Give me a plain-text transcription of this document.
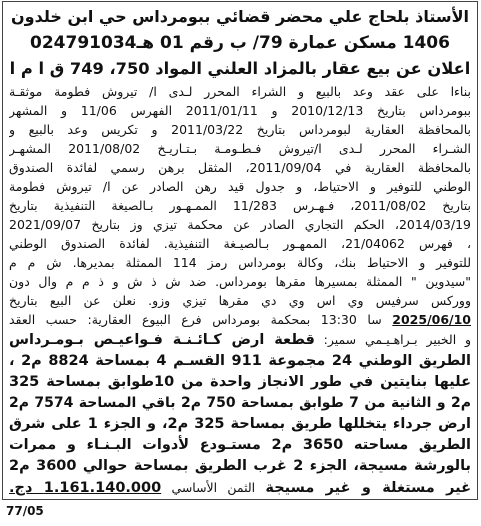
الأستاذ بلحاج علي محضر قضائي ببومرداس حي ابن خلدون
1406 مسكن عمارة 79/ ب رقم 01 هـ024791034
اعلان عن بيع عقار بالمزاد العلني المواد 750، 749 ق ا م ا
بناءا على عقد وعد بالبيع و الشراء المحرر لـدى ا/ تيروش فطومة موثقـة
ببومرداس بتاريخ 2010/12/13 و 2011/01/11 الفهرس 11/06 و المشهر
بالمحافظة العقارية لبومرداس بتاريخ 2011/03/22 و تكريس وعد بالبيع و
الشـراء المحرر لـدى ا/تيروش فـطـومـة بـتـاريـخ 2011/08/02 المشهـر
بالمحافظة العقارية في 2011/09/04، المثقل برهن رسمي لفائدة الصندوق
الوطني للتوفير و الاحتياط، و جدول قيد رهن الصادر عن ا/ تيروش فطومة
بتاريخ 2011/08/02، فـهـرس 11/283 الممـهـور بـالصيغة التنفيذية بتاريخ
2014/03/19، الحكم التجاري الصادر عن محكمة تيزي وز بتاريخ 2021/09/07
، فهرس 21/04062، الممهـور بـالصيـغة التنفيذية. لفائدة الصندوق الوطني
للتوفير و الاحتياط بنك، وكالة بومرداس رمز 114 الممثلة بمديرها. ش م م
"سيدوين " الممثلة بمسيرها مقرها بومرداس. ضد ش ذ ش و ذ م م وال دون
ووركس سرفيس وي اس وي دي مقرها تيزي وزو. نعلن عن البيع بتاريخ
2025/06/10 سا 13:30 بمحكمة بومرداس فرع البيوع العقارية: حسب العقد
و الخبير بـراهـيـمي سمير: قطعة ارض كـائـنـة فـواعيـص بـومـرداس
الطريق الوطني 24 مجموعة 911 القسـم 4 بمساحة 8824 م2 ،
عليها بنايتين في طور الانجاز واحدة من 10طوابق بمساحة 325
م2 و الثانية من 7 طوابق بمساحة 750 م2 باقي المساحة 7574 م2
ارض جرداء يتخللها طريق بمساحة 325 م2، و الجزء 1 على شرق
الطريق مساحته 3650 م2 مستـودع لأدوات البـنـاء و ممرات
بالورشة مسيجة، الجزء 2 غرب الطريق بمساحة حوالي 3600 م2
غير مستغلة و غير مسيجة الثمن الأساسي 1.161.140.000 دج.
77/05
